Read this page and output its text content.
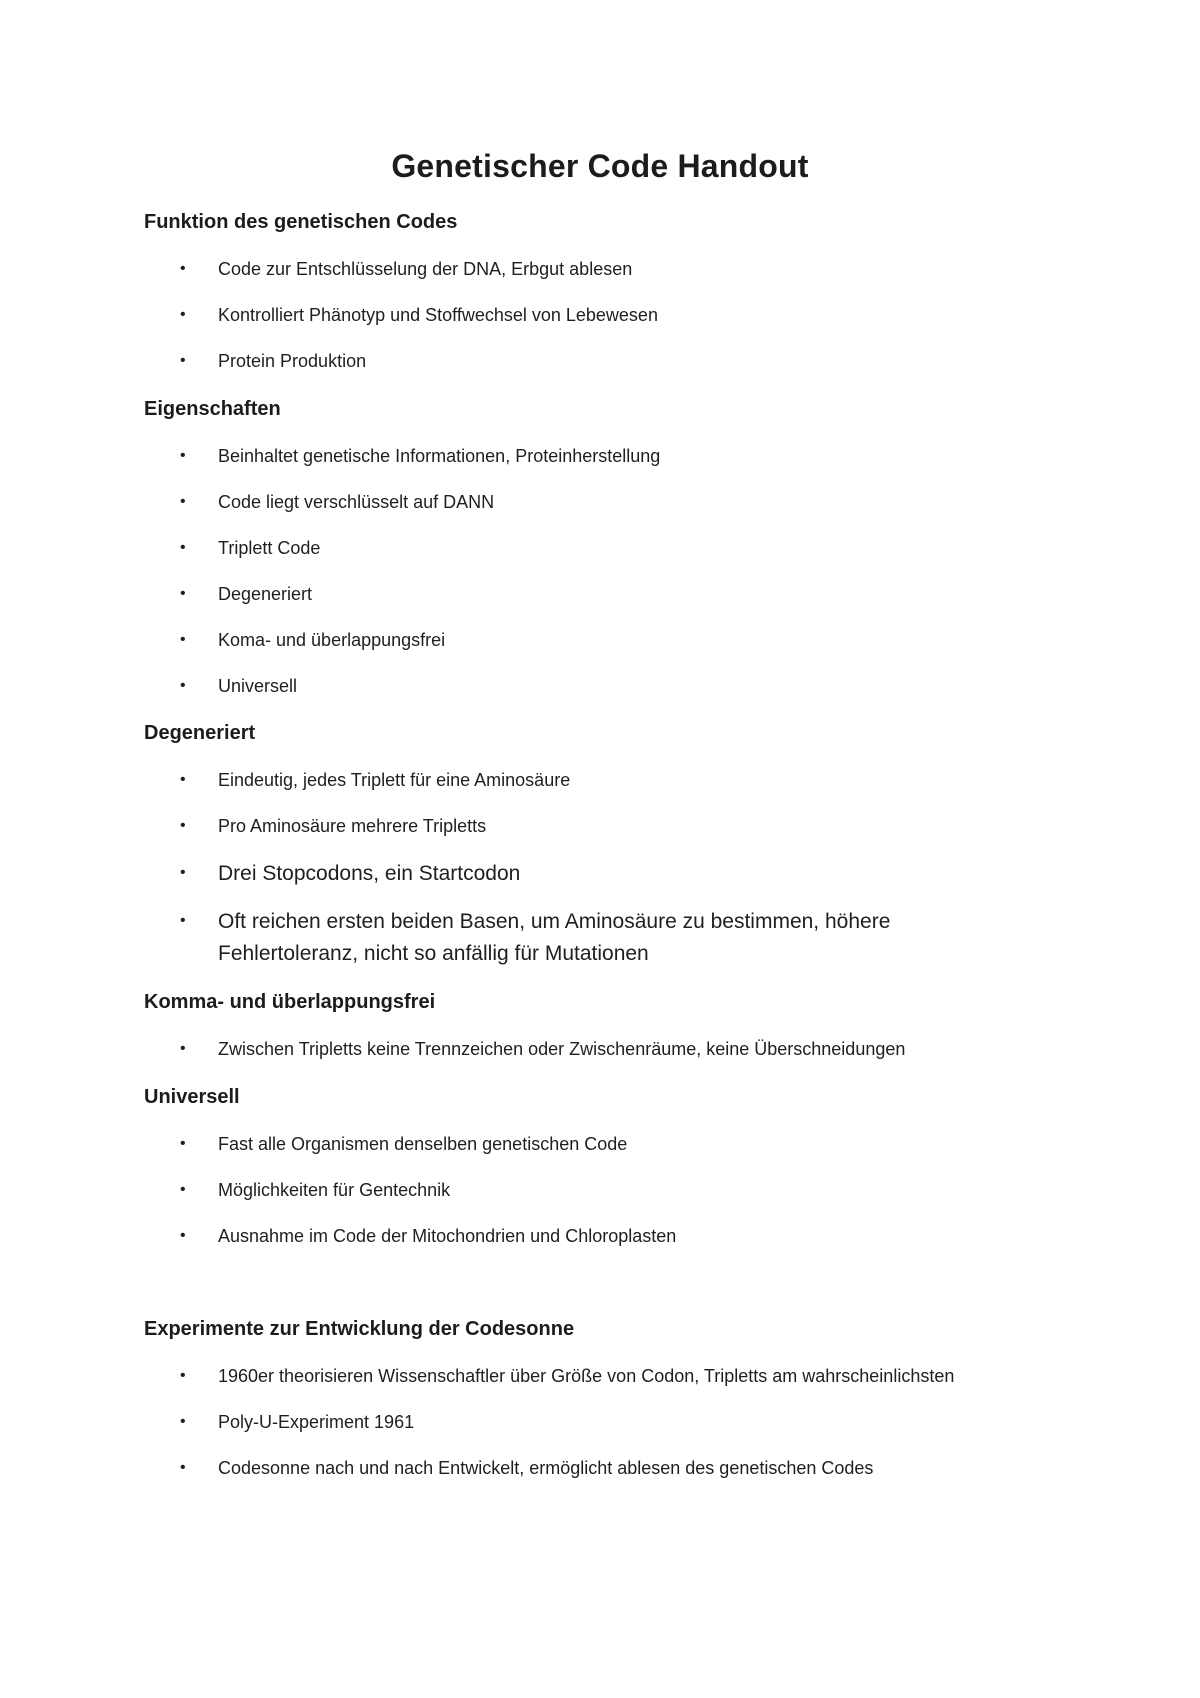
Genetischer Code Handout
Funktion des genetischen Codes
•	Code zur Entschlüsselung der DNA, Erbgut ablesen
•	Kontrolliert Phänotyp und Stoffwechsel von Lebewesen
•	Protein Produktion
Eigenschaften
•	Beinhaltet genetische Informationen, Proteinherstellung
•	Code liegt verschlüsselt auf DANN
•	Triplett Code
•	Degeneriert
•	Koma- und überlappungsfrei
•	Universell
Degeneriert
•	Eindeutig, jedes Triplett für eine Aminosäure
•	Pro Aminosäure mehrere Tripletts
•	Drei Stopcodons, ein Startcodon
•	Oft reichen ersten beiden Basen, um Aminosäure zu bestimmen, höhere Fehlertoleranz, nicht so anfällig für Mutationen
Komma- und überlappungsfrei
•	Zwischen Tripletts keine Trennzeichen oder Zwischenräume, keine Überschneidungen
Universell
•	Fast alle Organismen denselben genetischen Code
•	Möglichkeiten für Gentechnik
•	Ausnahme im Code der Mitochondrien und Chloroplasten
Experimente zur Entwicklung der Codesonne
•	1960er theorisieren Wissenschaftler über Größe von Codon, Tripletts am wahrscheinlichsten
•	Poly-U-Experiment 1961
•	Codesonne nach und nach Entwickelt, ermöglicht ablesen des genetischen Codes
